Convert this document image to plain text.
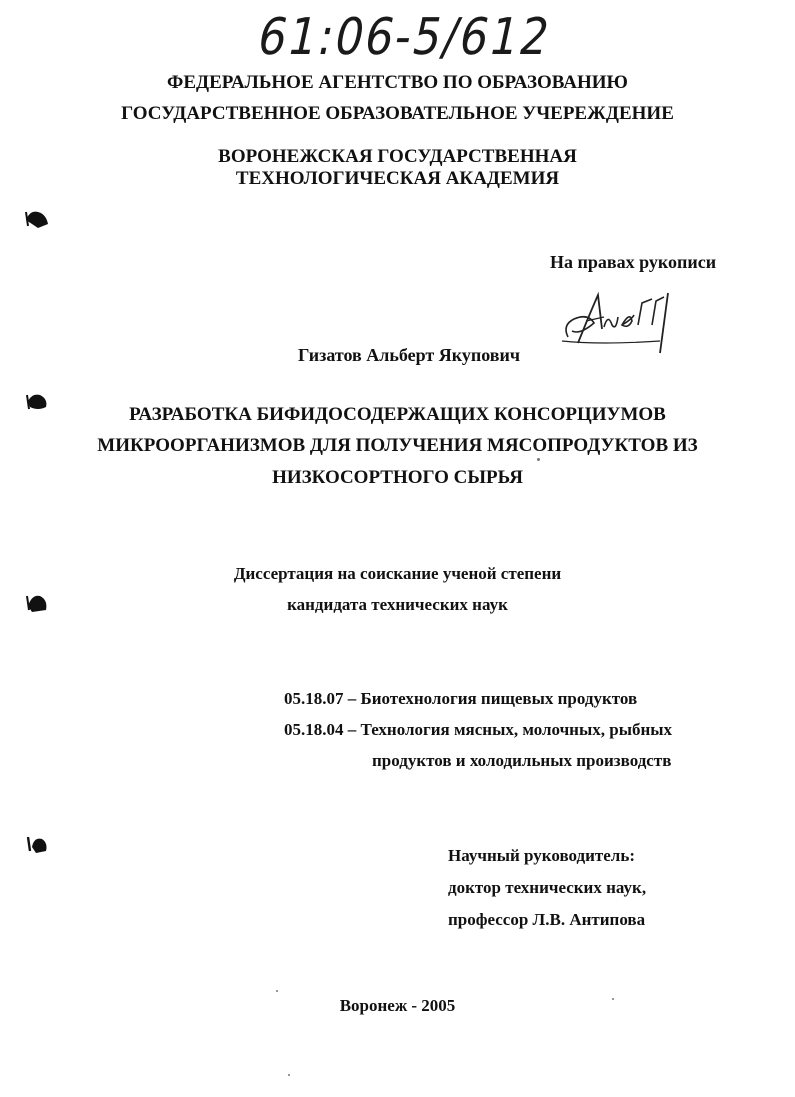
61:06-5/612
ФЕДЕРАЛЬНОЕ АГЕНТСТВО ПО ОБРАЗОВАНИЮ
ГОСУДАРСТВЕННОЕ ОБРАЗОВАТЕЛЬНОЕ УЧЕРЕЖДЕНИЕ
ВОРОНЕЖСКАЯ ГОСУДАРСТВЕННАЯ
ТЕХНОЛОГИЧЕСКАЯ АКАДЕМИЯ
На правах рукописи
Гизатов Альберт Якупович
РАЗРАБОТКА БИФИДОСОДЕРЖАЩИХ КОНСОРЦИУМОВ
МИКРООРГАНИЗМОВ ДЛЯ ПОЛУЧЕНИЯ МЯСОПРОДУКТОВ ИЗ
НИЗКОСОРТНОГО СЫРЬЯ
Диссертация на соискание ученой степени
кандидата технических наук
05.18.07 – Биотехнология пищевых продуктов
05.18.04 – Технология мясных, молочных, рыбных
продуктов и холодильных производств
Научный руководитель:
доктор технических наук,
профессор Л.В. Антипова
Воронеж - 2005
